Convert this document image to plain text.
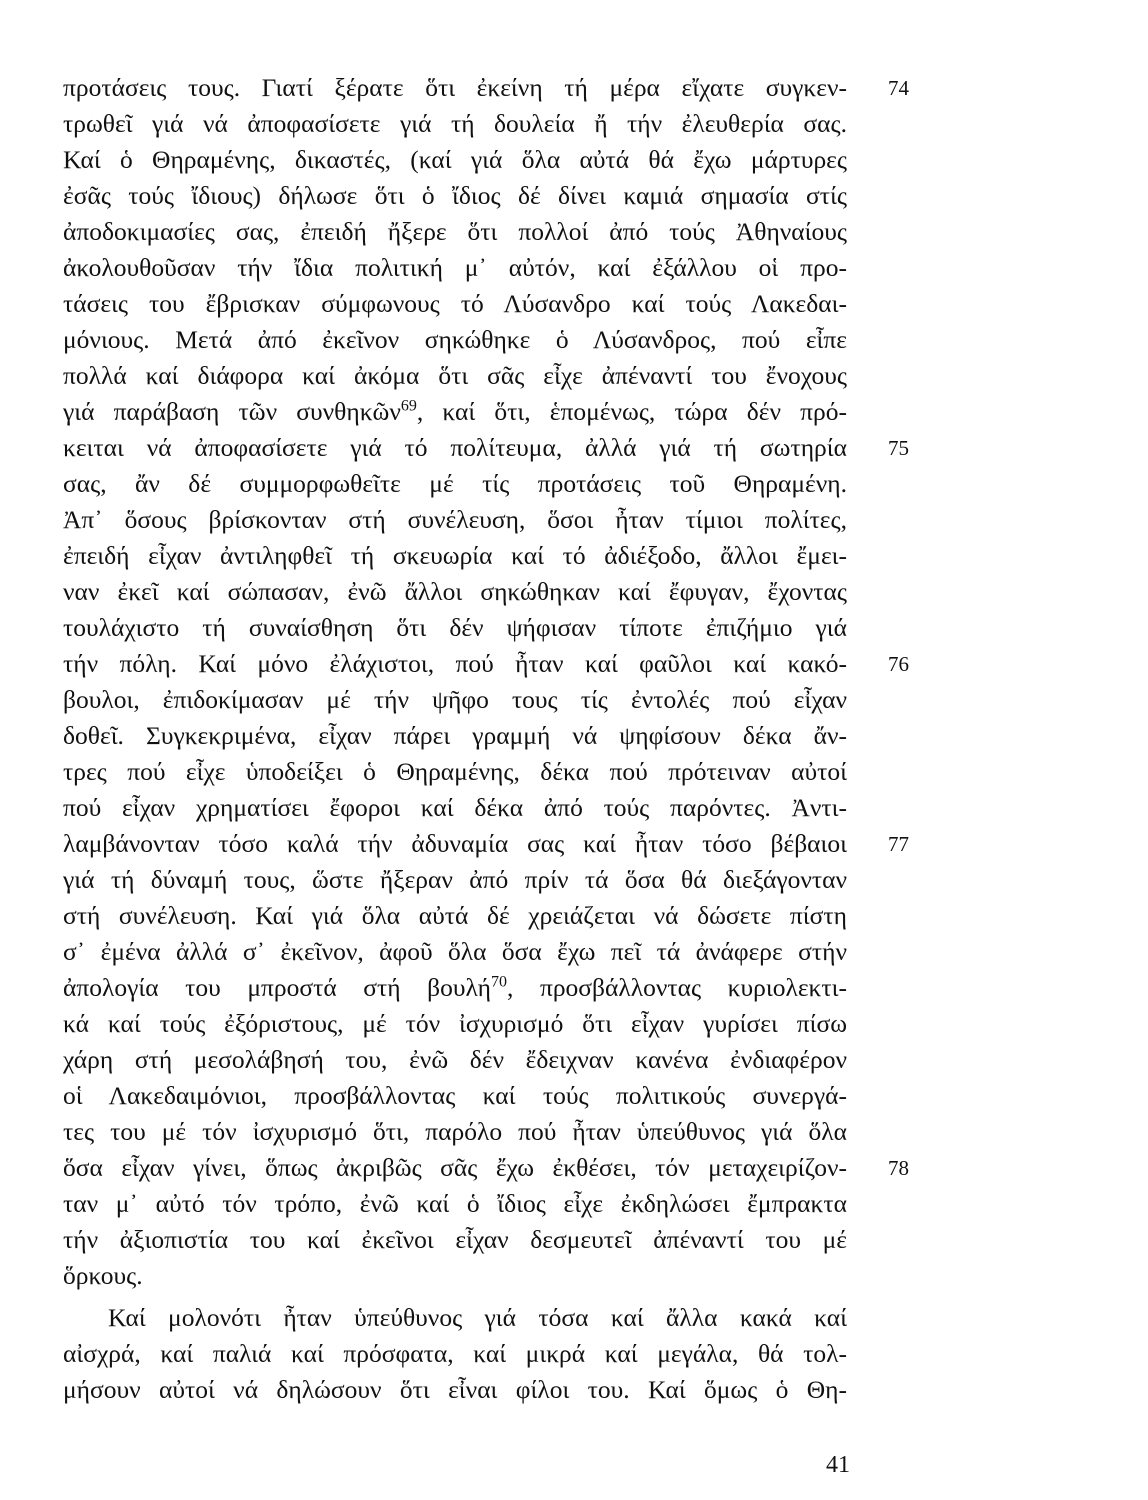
προτάσεις τους. Γιατί ξέρατε ὅτι ἐκείνη τή μέρα εἴχατε συγκεν- 74
τρωθεῖ γιά νά ἀποφασίσετε γιά τή δουλεία ἤ τήν ἐλευθερία σας.
Καί ὁ Θηραμένης, δικαστές, (καί γιά ὅλα αὐτά θά ἔχω μάρτυρες
ἐσᾶς τούς ἴδιους) δήλωσε ὅτι ὁ ἴδιος δέ δίνει καμιά σημασία στίς
ἀποδοκιμασίες σας, ἐπειδή ἤξερε ὅτι πολλοί ἀπό τούς Ἀθηναίους
ἀκολουθοῦσαν τήν ἴδια πολιτική μ᾽ αὐτόν, καί ἐξάλλου οἱ προ-
τάσεις του ἔβρισκαν σύμφωνους τό Λύσανδρο καί τούς Λακεδαι-
μόνιους. Μετά ἀπό ἐκεῖνον σηκώθηκε ὁ Λύσανδρος, πού εἶπε
πολλά καί διάφορα καί ἀκόμα ὅτι σᾶς εἶχε ἀπέναντί του ἔνοχους
γιά παράβαση τῶν συνθηκῶν$^{69}$, καί ὅτι, ἑπομένως, τώρα δέν πρό-
κειται νά ἀποφασίσετε γιά τό πολίτευμα, ἀλλά γιά τή σωτηρία 75
σας, ἄν δέ συμμορφωθεῖτε μέ τίς προτάσεις τοῦ Θηραμένη.
Ἀπ᾽ ὅσους βρίσκονταν στή συνέλευση, ὅσοι ἦταν τίμιοι πολίτες,
ἐπειδή εἶχαν ἀντιληφθεῖ τή σκευωρία καί τό ἀδιέξοδο, ἄλλοι ἔμει-
ναν ἐκεῖ καί σώπασαν, ἐνῶ ἄλλοι σηκώθηκαν καί ἔφυγαν, ἔχοντας
τουλάχιστο τή συναίσθηση ὅτι δέν ψήφισαν τίποτε ἐπιζήμιο γιά
τήν πόλη. Καί μόνο ἐλάχιστοι, πού ἦταν καί φαῦλοι καί κακό- 76
βουλοι, ἐπιδοκίμασαν μέ τήν ψῆφο τους τίς ἐντολές πού εἶχαν
δοθεῖ. Συγκεκριμένα, εἶχαν πάρει γραμμή νά ψηφίσουν δέκα ἄν-
τρες πού εἶχε ὑποδείξει ὁ Θηραμένης, δέκα πού πρότειναν αὐτοί
πού εἶχαν χρηματίσει ἔφοροι καί δέκα ἀπό τούς παρόντες. Ἀντι-
λαμβάνονταν τόσο καλά τήν ἀδυναμία σας καί ἦταν τόσο βέβαιοι 77
γιά τή δύναμή τους, ὥστε ἤξεραν ἀπό πρίν τά ὅσα θά διεξάγονταν
στή συνέλευση. Καί γιά ὅλα αὐτά δέ χρειάζεται νά δώσετε πίστη
σ᾽ ἐμένα ἀλλά σ᾽ ἐκεῖνον, ἀφοῦ ὅλα ὅσα ἔχω πεῖ τά ἀνάφερε στήν
ἀπολογία του μπροστά στή βουλή$^{70}$, προσβάλλοντας κυριολεκτι-
κά καί τούς ἐξόριστους, μέ τόν ἰσχυρισμό ὅτι εἶχαν γυρίσει πίσω
χάρη στή μεσολάβησή του, ἐνῶ δέν ἔδειχναν κανένα ἐνδιαφέρον
οἱ Λακεδαιμόνιοι, προσβάλλοντας καί τούς πολιτικούς συνεργά-
τες του μέ τόν ἰσχυρισμό ὅτι, παρόλο πού ἦταν ὑπεύθυνος γιά ὅλα
ὅσα εἶχαν γίνει, ὅπως ἀκριβῶς σᾶς ἔχω ἐκθέσει, τόν μεταχειρίζον- 78
ταν μ᾽ αὐτό τόν τρόπο, ἐνῶ καί ὁ ἴδιος εἶχε ἐκδηλώσει ἔμπρακτα
τήν ἀξιοπιστία του καί ἐκεῖνοι εἶχαν δεσμευτεῖ ἀπέναντί του μέ
ὅρκους.
Καί μολονότι ἦταν ὑπεύθυνος γιά τόσα καί ἄλλα κακά καί
αἰσχρά, καί παλιά καί πρόσφατα, καί μικρά καί μεγάλα, θά τολ-
μήσουν αὐτοί νά δηλώσουν ὅτι εἶναι φίλοι του. Καί ὅμως ὁ Θη-
41
